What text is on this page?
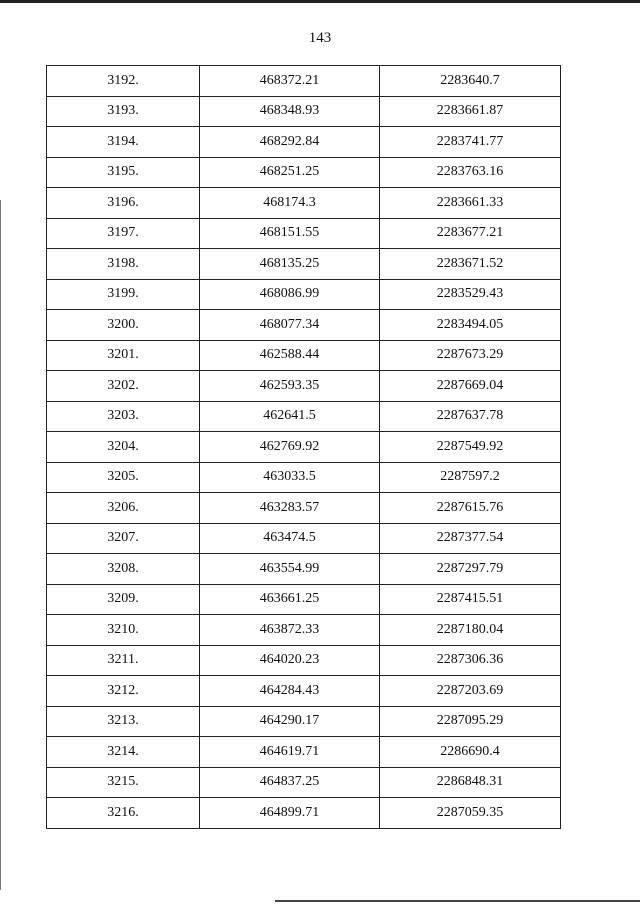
143
3192.	468372.21	2283640.7
3193.	468348.93	2283661.87
3194.	468292.84	2283741.77
3195.	468251.25	2283763.16
3196.	468174.3	2283661.33
3197.	468151.55	2283677.21
3198.	468135.25	2283671.52
3199.	468086.99	2283529.43
3200.	468077.34	2283494.05
3201.	462588.44	2287673.29
3202.	462593.35	2287669.04
3203.	462641.5	2287637.78
3204.	462769.92	2287549.92
3205.	463033.5	2287597.2
3206.	463283.57	2287615.76
3207.	463474.5	2287377.54
3208.	463554.99	2287297.79
3209.	463661.25	2287415.51
3210.	463872.33	2287180.04
3211.	464020.23	2287306.36
3212.	464284.43	2287203.69
3213.	464290.17	2287095.29
3214.	464619.71	2286690.4
3215.	464837.25	2286848.31
3216.	464899.71	2287059.35
